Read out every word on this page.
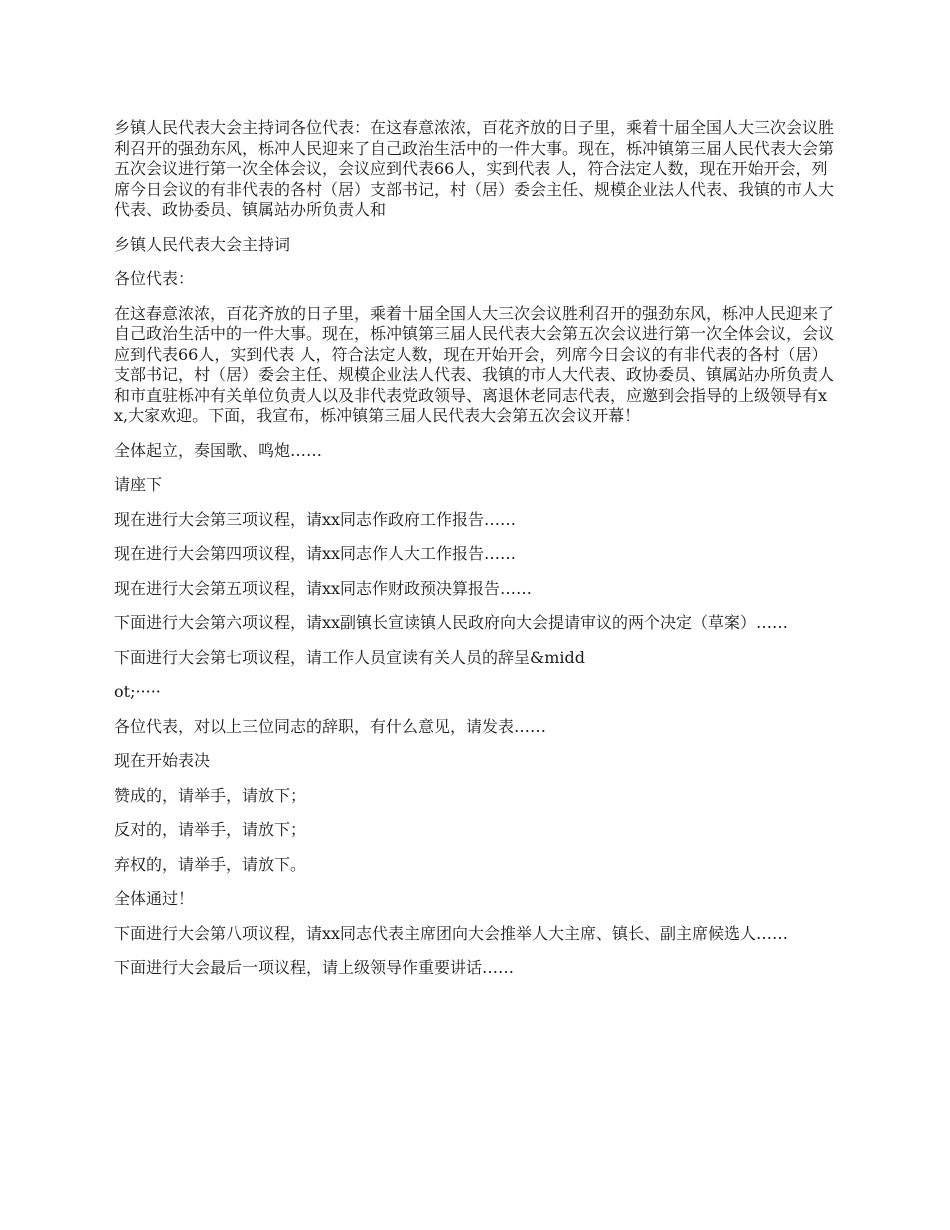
乡镇人民代表大会主持词各位代表：在这春意浓浓，百花齐放的日子里，乘着十届全国人大三次会议胜利召开的强劲东风，栎冲人民迎来了自己政治生活中的一件大事。现在，栎冲镇第三届人民代表大会第五次会议进行第一次全体会议，会议应到代表66人，实到代表 人，符合法定人数，现在开始开会，列席今日会议的有非代表的各村（居）支部书记，村（居）委会主任、规模企业法人代表、我镇的市人大代表、政协委员、镇属站办所负责人和

乡镇人民代表大会主持词

各位代表：

在这春意浓浓，百花齐放的日子里，乘着十届全国人大三次会议胜利召开的强劲东风，栎冲人民迎来了自己政治生活中的一件大事。现在，栎冲镇第三届人民代表大会第五次会议进行第一次全体会议，会议应到代表66人，实到代表 人，符合法定人数，现在开始开会，列席今日会议的有非代表的各村（居）支部书记，村（居）委会主任、规模企业法人代表、我镇的市人大代表、政协委员、镇属站办所负责人和市直驻栎冲有关单位负责人以及非代表党政领导、离退休老同志代表，应邀到会指导的上级领导有xx,大家欢迎。下面，我宣布，栎冲镇第三届人民代表大会第五次会议开幕！

全体起立，奏国歌、鸣炮……

请座下

现在进行大会第三项议程，请xx同志作政府工作报告……

现在进行大会第四项议程，请xx同志作人大工作报告……

现在进行大会第五项议程，请xx同志作财政预决算报告……

下面进行大会第六项议程，请xx副镇长宣读镇人民政府向大会提请审议的两个决定（草案）……

下面进行大会第七项议程，请工作人员宣读有关人员的辞呈&midd

ot;·····

各位代表，对以上三位同志的辞职，有什么意见，请发表……

现在开始表决

赞成的，请举手，请放下；

反对的，请举手，请放下；

弃权的，请举手，请放下。

全体通过！

下面进行大会第八项议程，请xx同志代表主席团向大会推举人大主席、镇长、副主席候选人……

下面进行大会最后一项议程，请上级领导作重要讲话……
